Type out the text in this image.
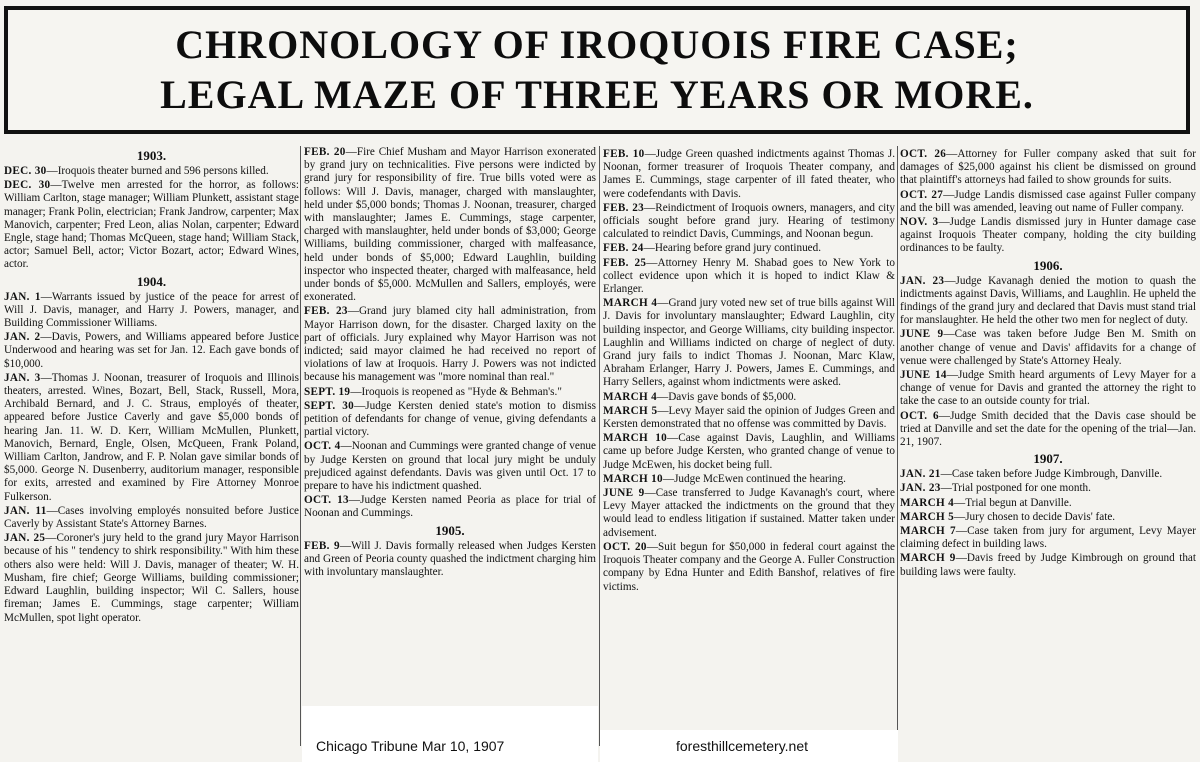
CHRONOLOGY OF IROQUOIS FIRE CASE;

LEGAL MAZE OF THREE YEARS OR MORE.

1903.

DEC. 30—Iroquois theater burned and 596 persons killed.

DEC. 30—Twelve men arrested for the horror, as follows: William Carlton, stage manager; William Plunkett, assistant stage manager; Frank Polin, electrician; Frank Jandrow, carpenter; Max Manovich, carpenter; Fred Leon, alias Nolan, carpenter; Edward Engle, stage hand; Thomas McQueen, stage hand; William Stack, actor; Samuel Bell, actor; Victor Bozart, actor; Edward Wines, actor.

1904.

JAN. 1—Warrants issued by justice of the peace for arrest of Will J. Davis, manager, and Harry J. Powers, manager, and Building Commissioner Williams.

JAN. 2—Davis, Powers, and Williams appeared before Justice Underwood and hearing was set for Jan. 12. Each gave bonds of $10,000.

JAN. 3—Thomas J. Noonan, treasurer of Iroquois and Illinois theaters, arrested. Wines, Bozart, Bell, Stack, Russell, Mora, Archibald Bernard, and J. C. Straus, employés of theater, appeared before Justice Caverly and gave $5,000 bonds of hearing Jan. 11. W. D. Kerr, William McMullen, Plunkett, Manovich, Bernard, Engle, Olsen, McQueen, Frank Poland, William Carlton, Jandrow, and F. P. Nolan gave similar bonds of $5,000. George N. Dusenberry, auditorium manager, responsible for exits, arrested and examined by Fire Attorney Monroe Fulkerson.

JAN. 11—Cases involving employés nonsuited before Justice Caverly by Assistant State's Attorney Barnes.

JAN. 25—Coroner's jury held to the grand jury Mayor Harrison because of his " tendency to shirk responsibility." With him these others also were held: Will J. Davis, manager of theater; W. H. Musham, fire chief; George Williams, building commissioner; Edward Laughlin, building inspector; Wil C. Sallers, house fireman; James E. Cummings, stage carpenter; William McMullen, spot light operator.

FEB. 20—Fire Chief Musham and Mayor Harrison exonerated by grand jury on technicalities. Five persons were indicted by grand jury for responsibility of fire. True bills voted were as follows: Will J. Davis, manager, charged with manslaughter, held under $5,000 bonds; Thomas J. Noonan, treasurer, charged with manslaughter; James E. Cummings, stage carpenter, charged with manslaughter, held under bonds of $3,000; George Williams, building commissioner, charged with malfeasance, held under bonds of $5,000; Edward Laughlin, building inspector who inspected theater, charged with malfeasance, held under bonds of $5,000. McMullen and Sallers, employés, were exonerated.

FEB. 23—Grand jury blamed city hall administration, from Mayor Harrison down, for the disaster. Charged laxity on the part of officials. Jury explained why Mayor Harrison was not indicted; said mayor claimed he had received no report of violations of law at Iroquois. Harry J. Powers was not indicted because his management was "more nominal than real."

SEPT. 19—Iroquois is reopened as "Hyde & Behman's."

SEPT. 30—Judge Kersten denied state's motion to dismiss petition of defendants for change of venue, giving defendants a partial victory.

OCT. 4—Noonan and Cummings were granted change of venue by Judge Kersten on ground that local jury might be unduly prejudiced against defendants. Davis was given until Oct. 17 to prepare to have his indictment quashed.

OCT. 13—Judge Kersten named Peoria as place for trial of Noonan and Cummings.

1905.

FEB. 9—Will J. Davis formally released when Judges Kersten and Green of Peoria county quashed the indictment charging him with involuntary manslaughter.

FEB. 10—Judge Green quashed indictments against Thomas J. Noonan, former treasurer of Iroquois Theater company, and James E. Cummings, stage carpenter of ill fated theater, who were codefendants with Davis.

FEB. 23—Reindictment of Iroquois owners, managers, and city officials sought before grand jury. Hearing of testimony calculated to reindict Davis, Cummings, and Noonan begun.

FEB. 24—Hearing before grand jury continued.

FEB. 25—Attorney Henry M. Shabad goes to New York to collect evidence upon which it is hoped to indict Klaw & Erlanger.

MARCH 4—Grand jury voted new set of true bills against Will J. Davis for involuntary manslaughter; Edward Laughlin, city building inspector, and George Williams, city building inspector. Laughlin and Williams indicted on charge of neglect of duty. Grand jury fails to indict Thomas J. Noonan, Marc Klaw, Abraham Erlanger, Harry J. Powers, James E. Cummings, and Harry Sellers, against whom indictments were asked.

MARCH 4—Davis gave bonds of $5,000.

MARCH 5—Levy Mayer said the opinion of Judges Green and Kersten demonstrated that no offense was committed by Davis.

MARCH 10—Case against Davis, Laughlin, and Williams came up before Judge Kersten, who granted change of venue to Judge McEwen, his docket being full.

MARCH 10—Judge McEwen continued the hearing.

JUNE 9—Case transferred to Judge Kavanagh's court, where Levy Mayer attacked the indictments on the ground that they would lead to endless litigation if sustained. Matter taken under advisement.

OCT. 20—Suit begun for $50,000 in federal court against the Iroquois Theater company and the George A. Fuller Construction company by Edna Hunter and Edith Banshof, relatives of fire victims.

OCT. 26—Attorney for Fuller company asked that suit for damages of $25,000 against his client be dismissed on ground that plaintiff's attorneys had failed to show grounds for suits.

OCT. 27—Judge Landis dismissed case against Fuller company and the bill was amended, leaving out name of Fuller company.

NOV. 3—Judge Landis dismissed jury in Hunter damage case against Iroquois Theater company, holding the city building ordinances to be faulty.

1906.

JAN. 23—Judge Kavanagh denied the motion to quash the indictments against Davis, Williams, and Laughlin. He upheld the findings of the grand jury and declared that Davis must stand trial for manslaughter. He held the other two men for neglect of duty.

JUNE 9—Case was taken before Judge Ben M. Smith on another change of venue and Davis' affidavits for a change of venue were challenged by State's Attorney Healy.

JUNE 14—Judge Smith heard arguments of Levy Mayer for a change of venue for Davis and granted the attorney the right to take the case to an outside county for trial.

OCT. 6—Judge Smith decided that the Davis case should be tried at Danville and set the date for the opening of the trial—Jan. 21, 1907.

1907.

JAN. 21—Case taken before Judge Kimbrough, Danville.

JAN. 23—Trial postponed for one month.

MARCH 4—Trial begun at Danville.

MARCH 5—Jury chosen to decide Davis' fate.

MARCH 7—Case taken from jury for argument, Levy Mayer claiming defect in building laws.

MARCH 9—Davis freed by Judge Kimbrough on ground that building laws were faulty.

Chicago Tribune Mar 10, 1907	foresthillcemetery.net
